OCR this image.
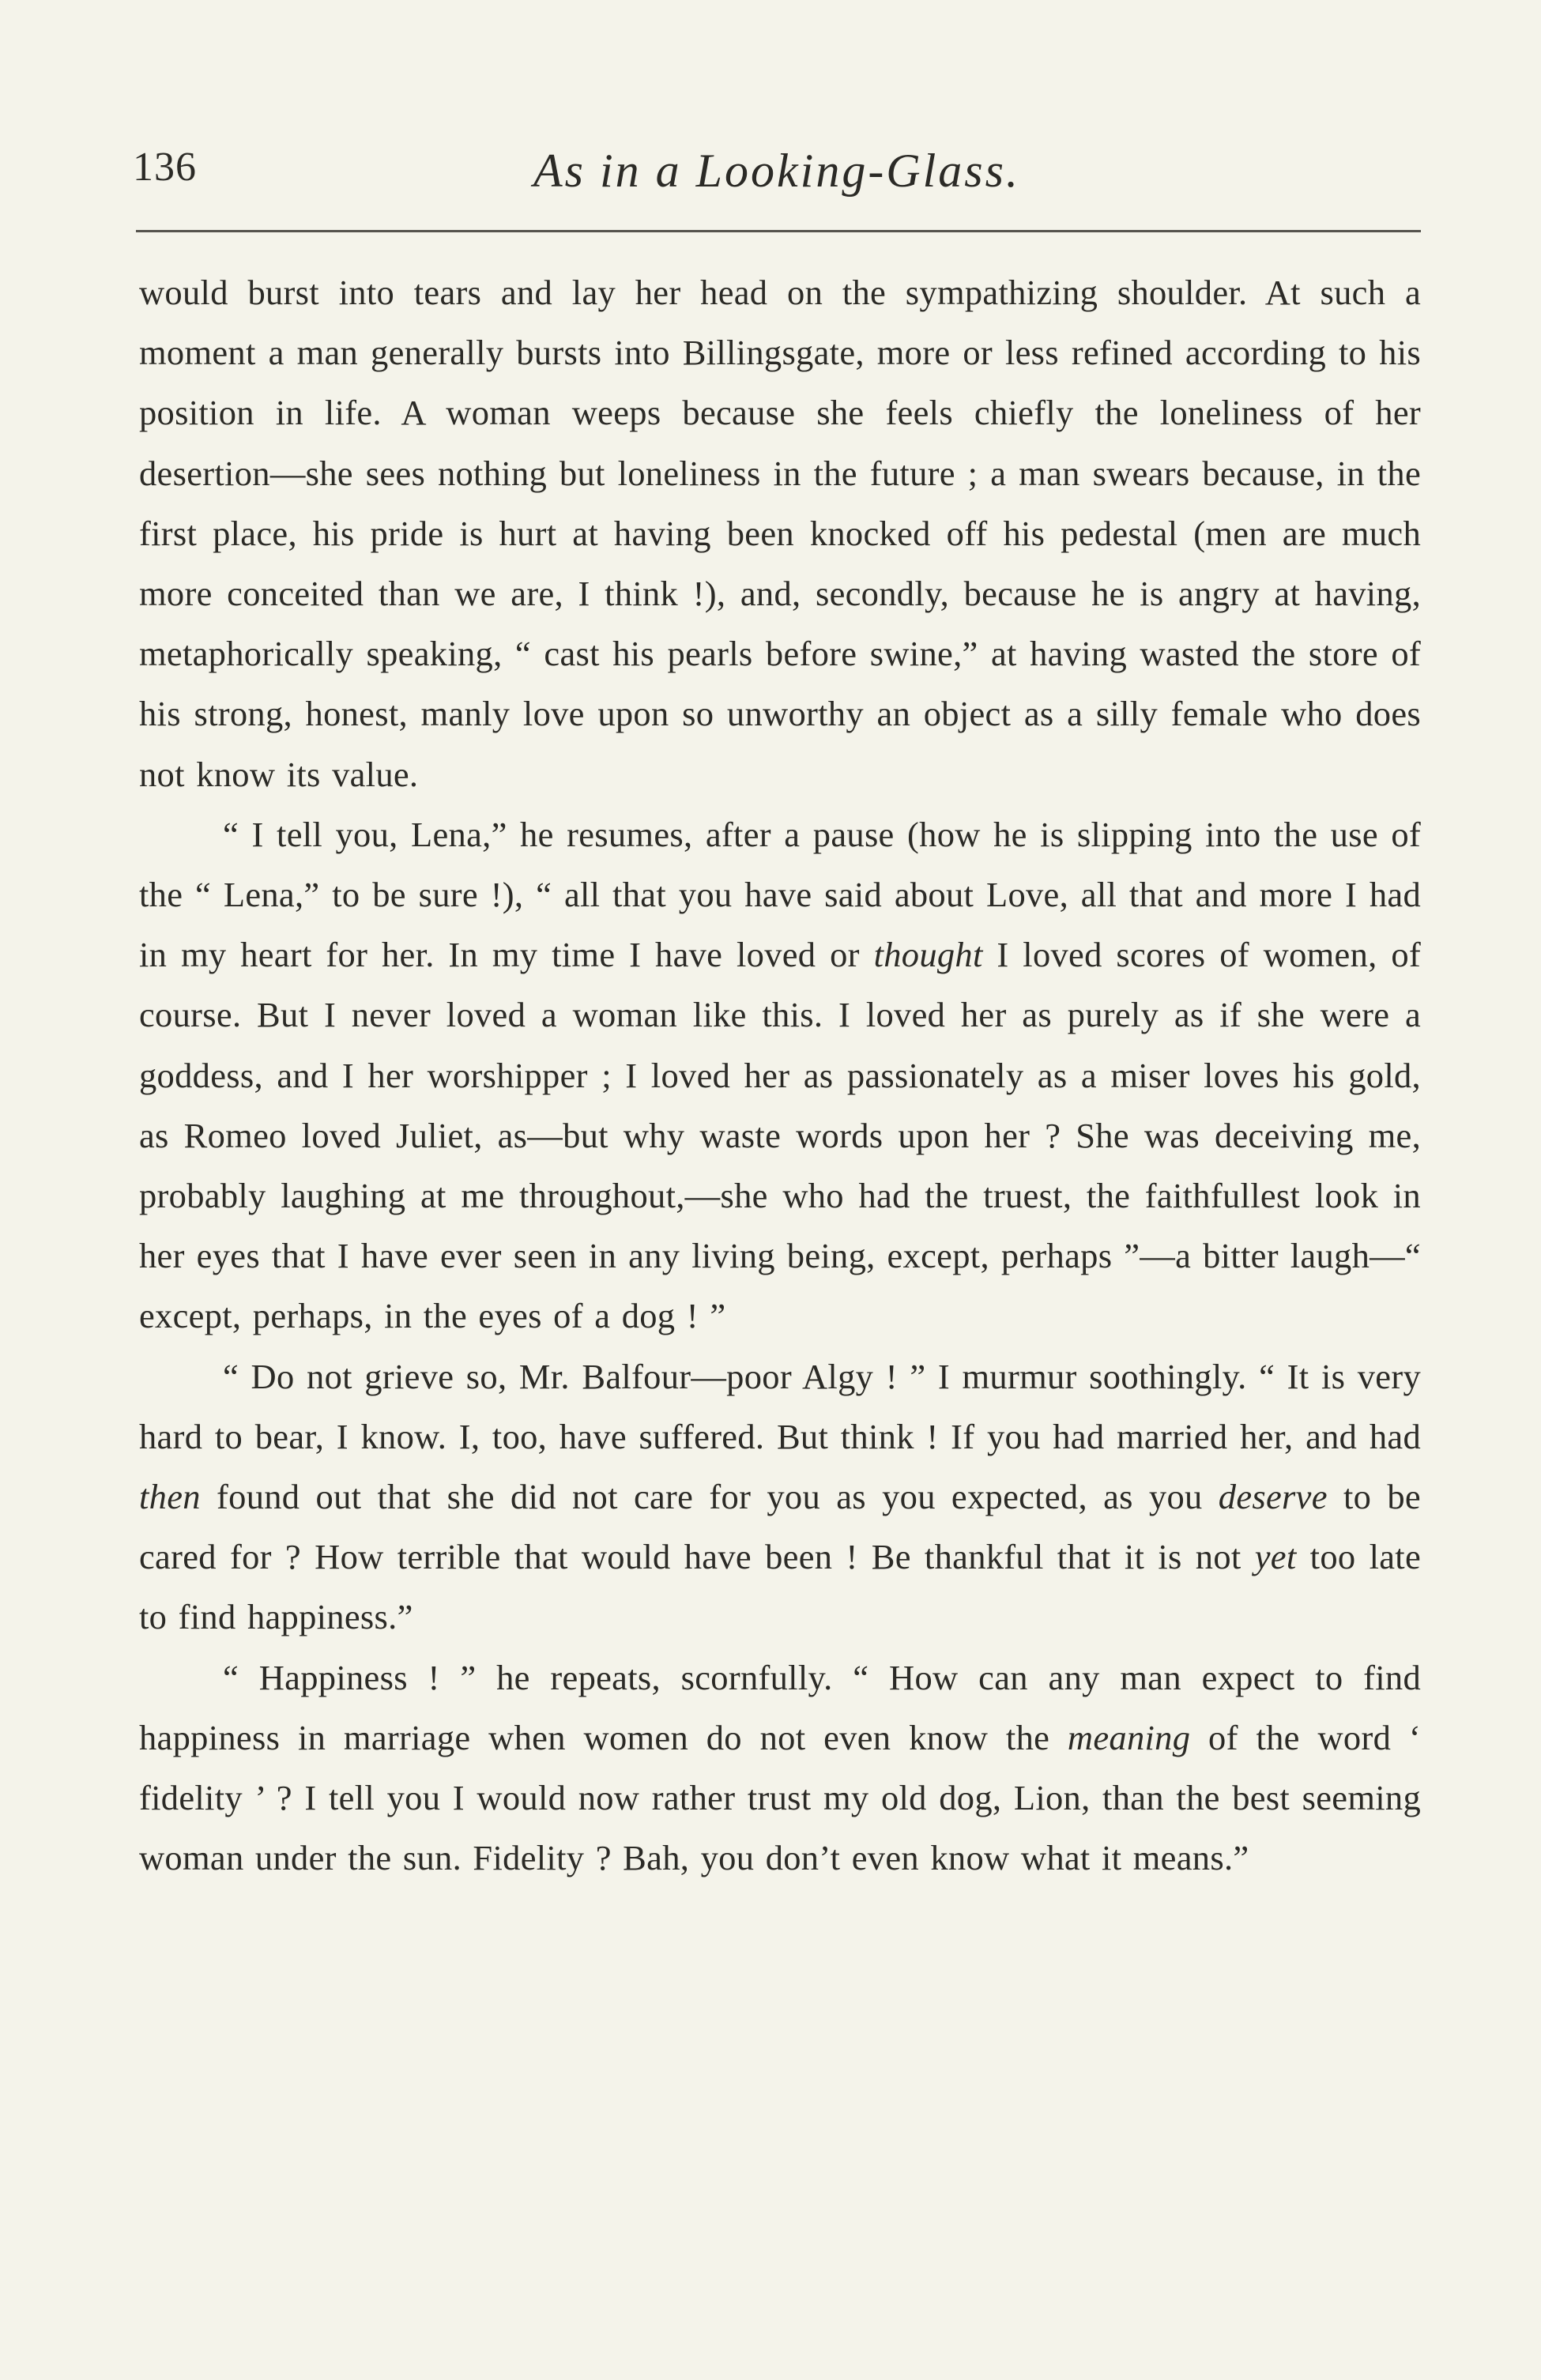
136	As in a Looking-Glass.

would burst into tears and lay her head on the sympathizing shoulder. At such a moment a man generally bursts into Billingsgate, more or less refined according to his position in life. A woman weeps because she feels chiefly the loneliness of her desertion—she sees nothing but loneliness in the future ; a man swears because, in the first place, his pride is hurt at having been knocked off his pedestal (men are much more conceited than we are, I think !), and, secondly, because he is angry at having, metaphorically speaking, “ cast his pearls before swine,” at having wasted the store of his strong, honest, manly love upon so unworthy an object as a silly female who does not know its value.

“ I tell you, Lena,” he resumes, after a pause (how he is slipping into the use of the “ Lena,” to be sure !), “ all that you have said about Love, all that and more I had in my heart for her. In my time I have loved or thought I loved scores of women, of course. But I never loved a woman like this. I loved her as purely as if she were a goddess, and I her worshipper ; I loved her as passionately as a miser loves his gold, as Romeo loved Juliet, as—but why waste words upon her ? She was deceiving me, probably laughing at me throughout,—she who had the truest, the faithfullest look in her eyes that I have ever seen in any living being, except, perhaps ”—a bitter laugh—“ except, perhaps, in the eyes of a dog ! ”

“ Do not grieve so, Mr. Balfour—poor Algy ! ” I murmur soothingly. “ It is very hard to bear, I know. I, too, have suffered. But think ! If you had married her, and had then found out that she did not care for you as you expected, as you deserve to be cared for ? How terrible that would have been ! Be thankful that it is not yet too late to find happiness.”

“ Happiness ! ” he repeats, scornfully. “ How can any man expect to find happiness in marriage when women do not even know the meaning of the word ‘ fidelity ’ ? I tell you I would now rather trust my old dog, Lion, than the best seeming woman under the sun. Fidelity ? Bah, you don’t even know what it means.”
